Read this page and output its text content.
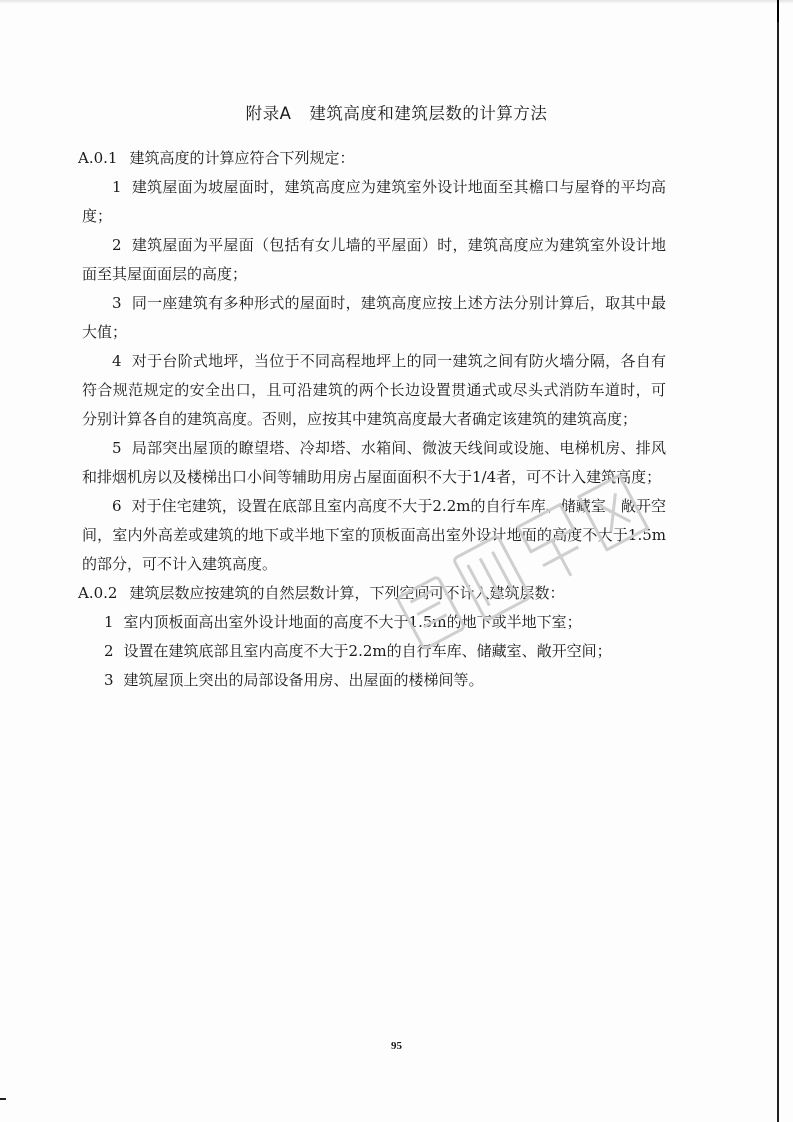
附录A 建筑高度和建筑层数的计算方法

A.0.1 建筑高度的计算应符合下列规定：

1 建筑屋面为坡屋面时，建筑高度应为建筑室外设计地面至其檐口与屋脊的平均高度；

2 建筑屋面为平屋面（包括有女儿墙的平屋面）时，建筑高度应为建筑室外设计地面至其屋面面层的高度；

3 同一座建筑有多种形式的屋面时，建筑高度应按上述方法分别计算后，取其中最大值；

4 对于台阶式地坪，当位于不同高程地坪上的同一建筑之间有防火墙分隔，各自有符合规范规定的安全出口，且可沿建筑的两个长边设置贯通式或尽头式消防车道时，可分别计算各自的建筑高度。否则，应按其中建筑高度最大者确定该建筑的建筑高度；

5 局部突出屋顶的瞭望塔、冷却塔、水箱间、微波天线间或设施、电梯机房、排风和排烟机房以及楼梯出口小间等辅助用房占屋面面积不大于1/4者，可不计入建筑高度；

6 对于住宅建筑，设置在底部且室内高度不大于2.2m的自行车库、储藏室、敞开空间，室内外高差或建筑的地下或半地下室的顶板面高出室外设计地面的高度不大于1.5m的部分，可不计入建筑高度。

A.0.2 建筑层数应按建筑的自然层数计算，下列空间可不计入建筑层数：

1 室内顶板面高出室外设计地面的高度不大于1.5m的地下或半地下室；

2 设置在建筑底部且室内高度不大于2.2m的自行车库、储藏室、敞开空间；

3 建筑屋顶上突出的局部设备用房、出屋面的楼梯间等。

95
